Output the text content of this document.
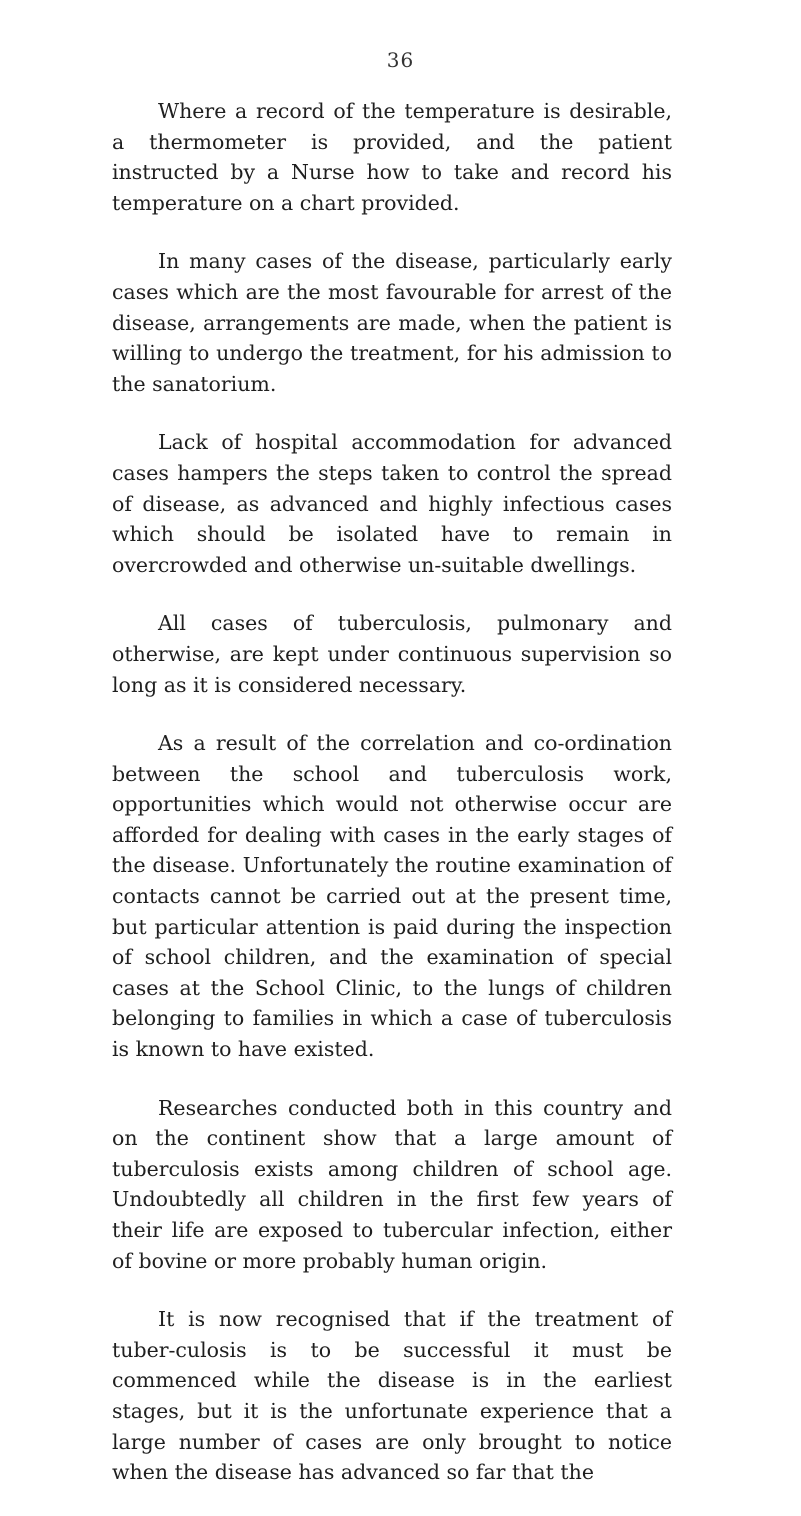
36

Where a record of the temperature is desirable, a thermometer is provided, and the patient instructed by a Nurse how to take and record his temperature on a chart provided.

In many cases of the disease, particularly early cases which are the most favourable for arrest of the disease, arrangements are made, when the patient is willing to undergo the treatment, for his admission to the sanatorium.

Lack of hospital accommodation for advanced cases hampers the steps taken to control the spread of disease, as advanced and highly infectious cases which should be isolated have to remain in overcrowded and otherwise un-suitable dwellings.

All cases of tuberculosis, pulmonary and otherwise, are kept under continuous supervision so long as it is considered necessary.

As a result of the correlation and co-ordination between the school and tuberculosis work, opportunities which would not otherwise occur are afforded for dealing with cases in the early stages of the disease. Unfortunately the routine examination of contacts cannot be carried out at the present time, but particular attention is paid during the inspection of school children, and the examination of special cases at the School Clinic, to the lungs of children belonging to families in which a case of tuberculosis is known to have existed.

Researches conducted both in this country and on the continent show that a large amount of tuberculosis exists among children of school age. Undoubtedly all children in the first few years of their life are exposed to tubercular infection, either of bovine or more probably human origin.

It is now recognised that if the treatment of tuber-culosis is to be successful it must be commenced while the disease is in the earliest stages, but it is the unfortunate experience that a large number of cases are only brought to notice when the disease has advanced so far that the
